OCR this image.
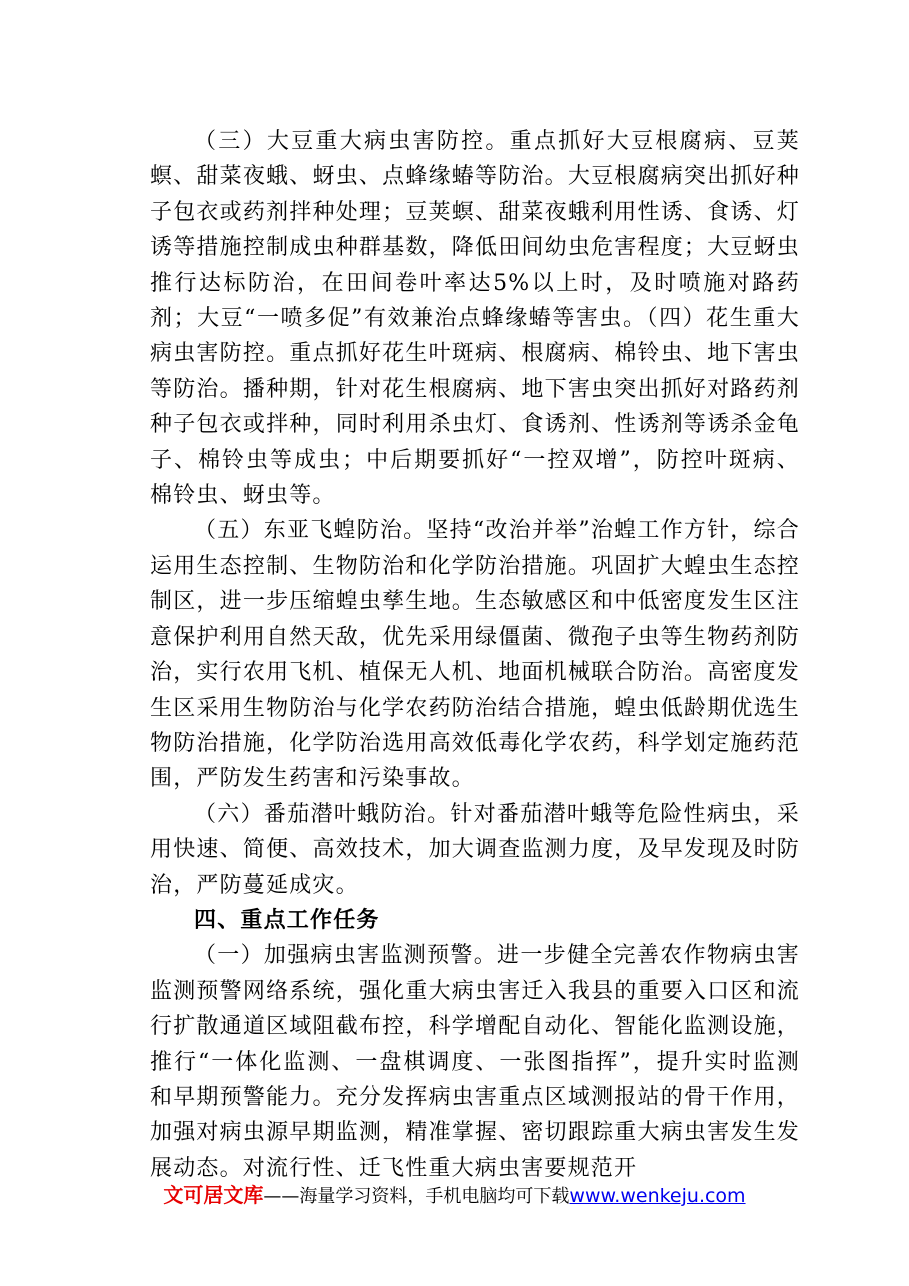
（三）大豆重大病虫害防控。重点抓好大豆根腐病、豆荚螟、甜菜夜蛾、蚜虫、点蜂缘蝽等防治。大豆根腐病突出抓好种子包衣或药剂拌种处理；豆荚螟、甜菜夜蛾利用性诱、食诱、灯诱等措施控制成虫种群基数，降低田间幼虫危害程度；大豆蚜虫推行达标防治，在田间卷叶率达5%以上时，及时喷施对路药剂；大豆“一喷多促”有效兼治点蜂缘蝽等害虫。（四）花生重大病虫害防控。重点抓好花生叶斑病、根腐病、棉铃虫、地下害虫等防治。播种期，针对花生根腐病、地下害虫突出抓好对路药剂种子包衣或拌种，同时利用杀虫灯、食诱剂、性诱剂等诱杀金龟子、棉铃虫等成虫；中后期要抓好“一控双增”，防控叶斑病、棉铃虫、蚜虫等。

（五）东亚飞蝗防治。坚持“改治并举”治蝗工作方针，综合运用生态控制、生物防治和化学防治措施。巩固扩大蝗虫生态控制区，进一步压缩蝗虫孳生地。生态敏感区和中低密度发生区注意保护利用自然天敌，优先采用绿僵菌、微孢子虫等生物药剂防治，实行农用飞机、植保无人机、地面机械联合防治。高密度发生区采用生物防治与化学农药防治结合措施，蝗虫低龄期优选生物防治措施，化学防治选用高效低毒化学农药，科学划定施药范围，严防发生药害和污染事故。

（六）番茄潜叶蛾防治。针对番茄潜叶蛾等危险性病虫，采用快速、简便、高效技术，加大调查监测力度，及早发现及时防治，严防蔓延成灾。

四、重点工作任务

（一）加强病虫害监测预警。进一步健全完善农作物病虫害监测预警网络系统，强化重大病虫害迁入我县的重要入口区和流行扩散通道区域阻截布控，科学增配自动化、智能化监测设施，推行“一体化监测、一盘棋调度、一张图指挥”，提升实时监测和早期预警能力。充分发挥病虫害重点区域测报站的骨干作用，加强对病虫源早期监测，精准掌握、密切跟踪重大病虫害发生发展动态。对流行性、迁飞性重大病虫害要规范开

文可居文库——海量学习资料，手机电脑均可下载www.wenkeju.com
